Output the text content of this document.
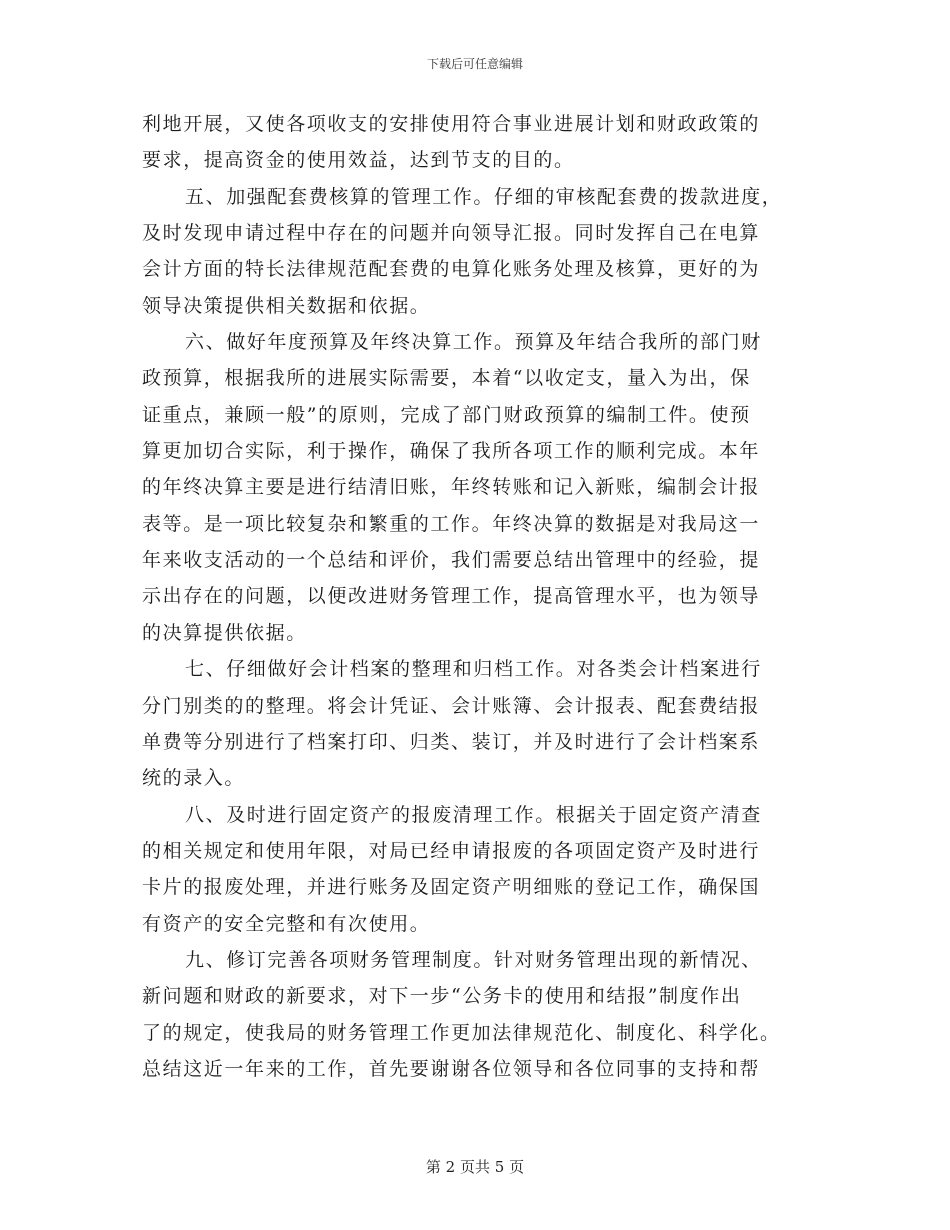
下载后可任意编辑
利地开展，又使各项收支的安排使用符合事业进展计划和财政政策的
要求，提高资金的使用效益，达到节支的目的。
五、加强配套费核算的管理工作。仔细的审核配套费的拨款进度，
及时发现申请过程中存在的问题并向领导汇报。同时发挥自己在电算
会计方面的特长法律规范配套费的电算化账务处理及核算，更好的为
领导决策提供相关数据和依据。
六、做好年度预算及年终决算工作。预算及年结合我所的部门财
政预算，根据我所的进展实际需要，本着“以收定支，量入为出，保
证重点，兼顾一般”的原则，完成了部门财政预算的编制工件。使预
算更加切合实际，利于操作，确保了我所各项工作的顺利完成。本年
的年终决算主要是进行结清旧账，年终转账和记入新账，编制会计报
表等。是一项比较复杂和繁重的工作。年终决算的数据是对我局这一
年来收支活动的一个总结和评价，我们需要总结出管理中的经验，提
示出存在的问题，以便改进财务管理工作，提高管理水平，也为领导
的决算提供依据。
七、仔细做好会计档案的整理和归档工作。对各类会计档案进行
分门别类的的整理。将会计凭证、会计账簿、会计报表、配套费结报
单费等分别进行了档案打印、归类、装订，并及时进行了会计档案系
统的录入。
八、及时进行固定资产的报废清理工作。根据关于固定资产清查
的相关规定和使用年限，对局已经申请报废的各项固定资产及时进行
卡片的报废处理，并进行账务及固定资产明细账的登记工作，确保国
有资产的安全完整和有次使用。
九、修订完善各项财务管理制度。针对财务管理出现的新情况、
新问题和财政的新要求，对下一步“公务卡的使用和结报”制度作出
了的规定，使我局的财务管理工作更加法律规范化、制度化、科学化。
总结这近一年来的工作，首先要谢谢各位领导和各位同事的支持和帮
第 2 页共 5 页
